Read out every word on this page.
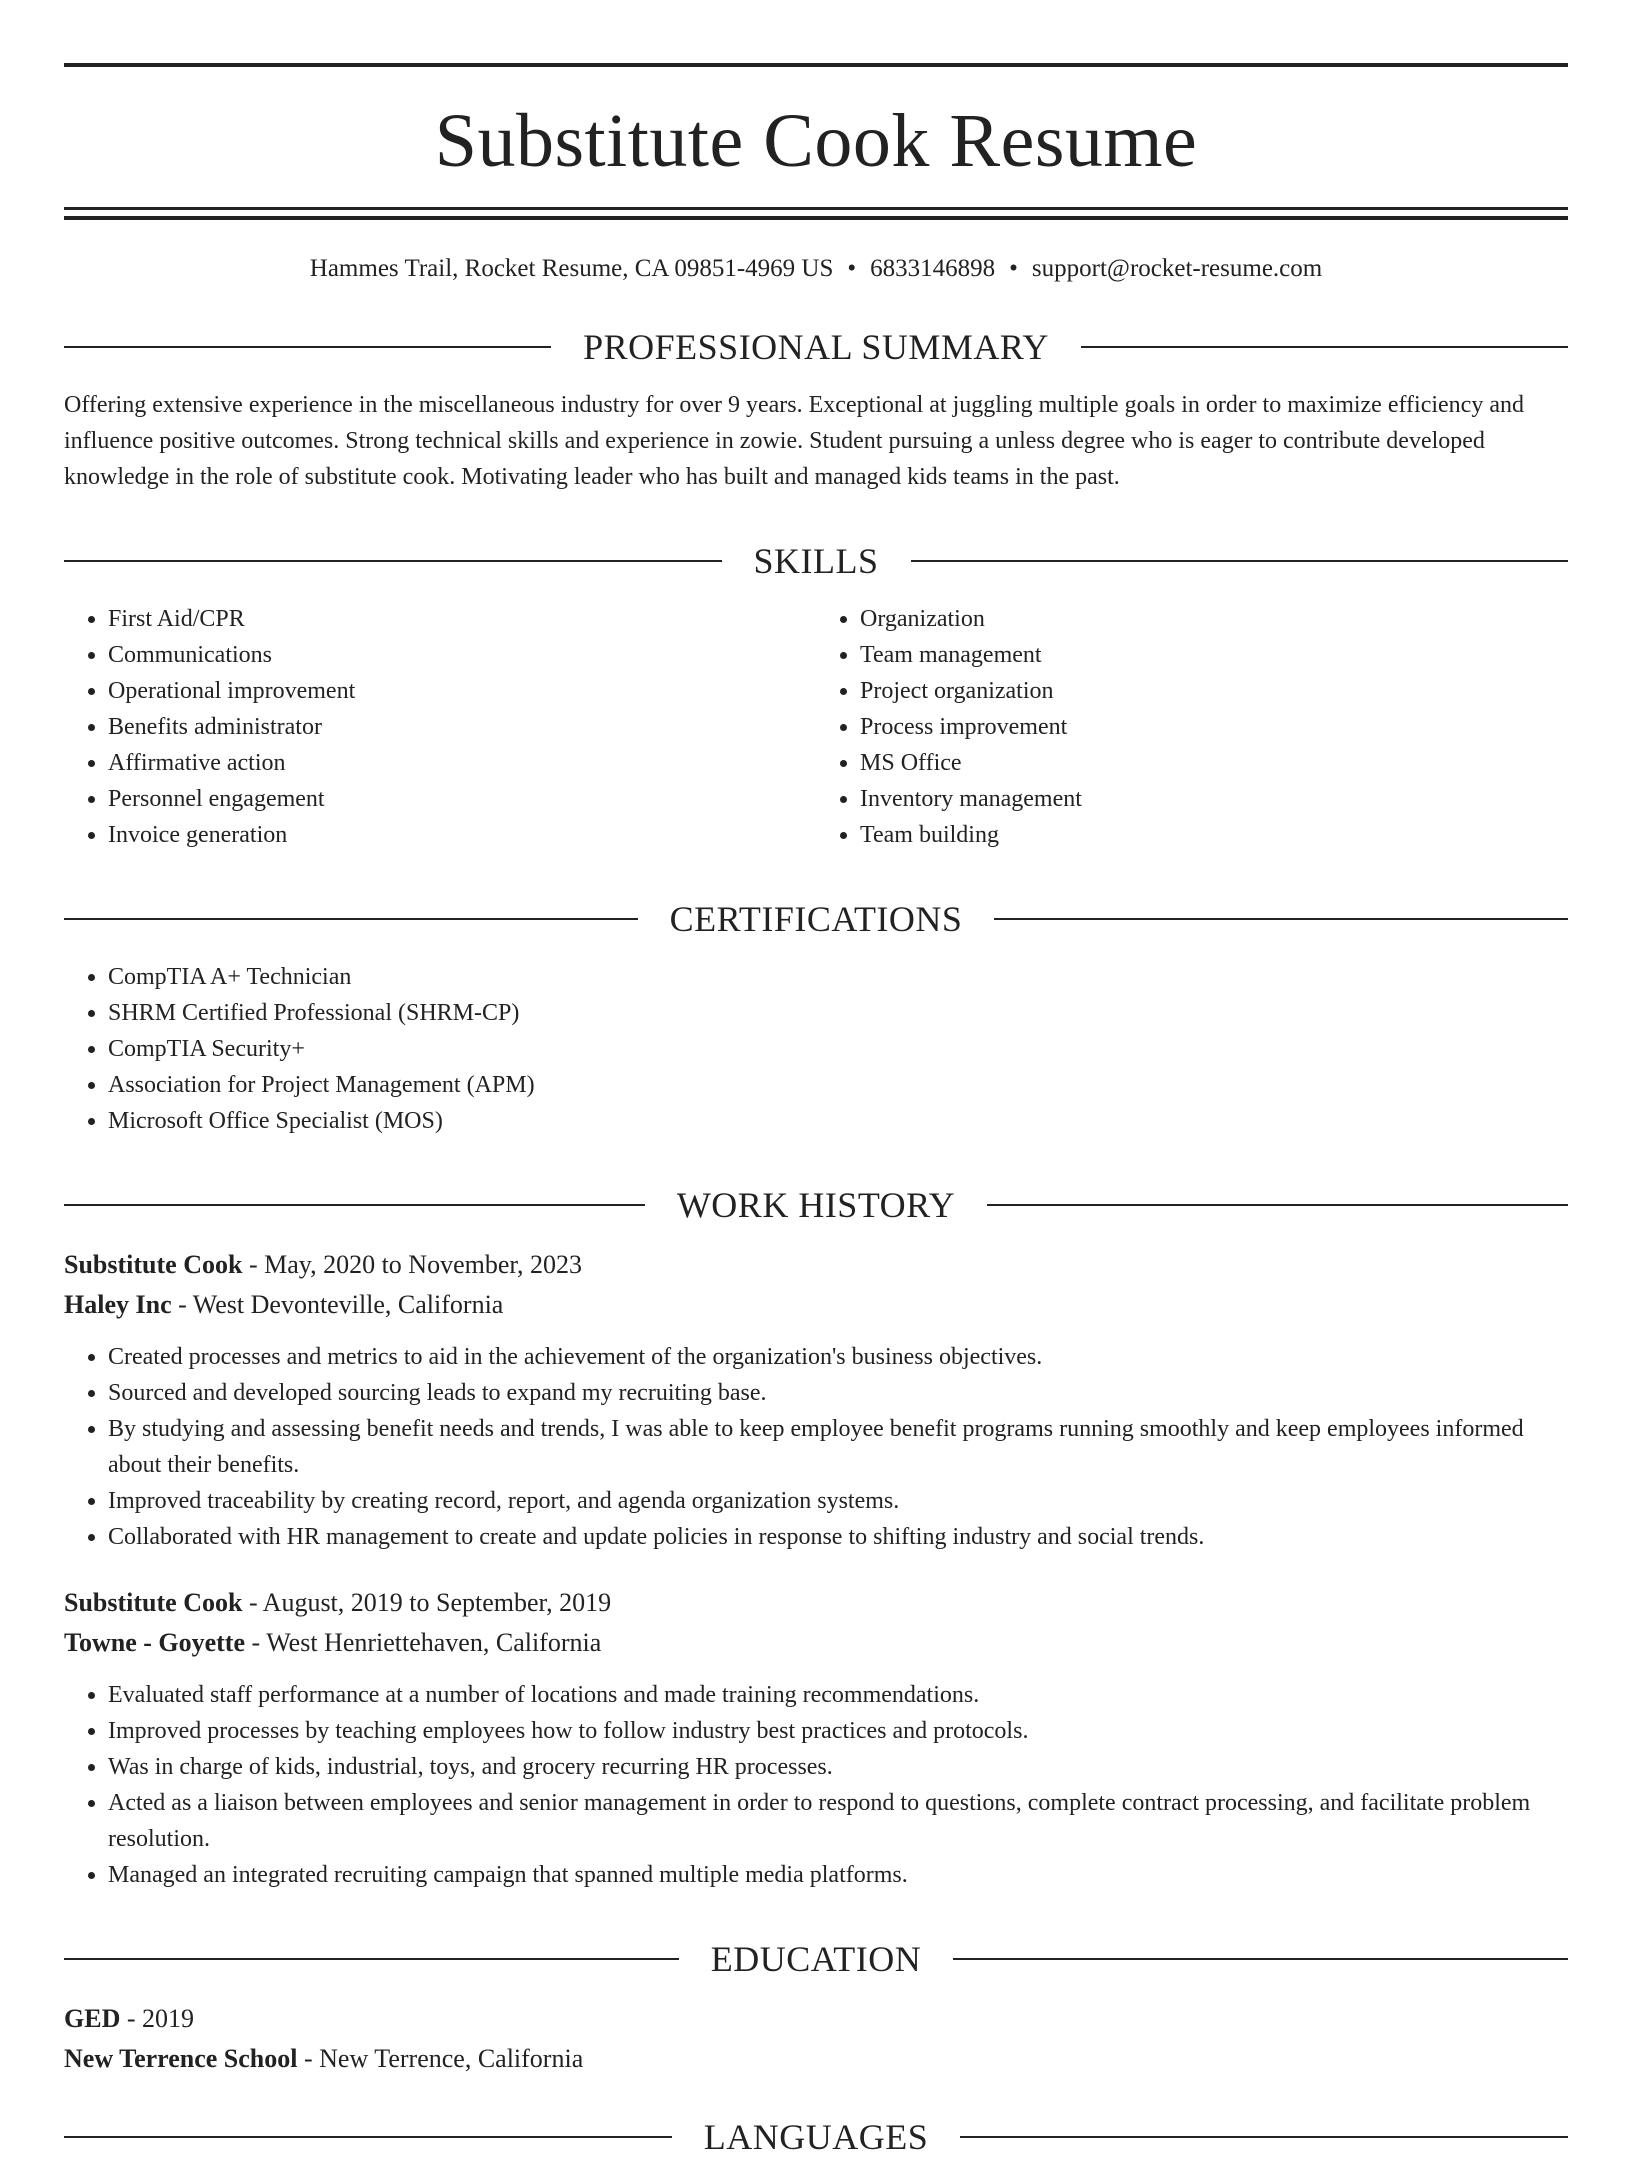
Substitute Cook Resume
Hammes Trail, Rocket Resume, CA 09851-4969 US • 6833146898 • support@rocket-resume.com
PROFESSIONAL SUMMARY

Offering extensive experience in the miscellaneous industry for over 9 years. Exceptional at juggling multiple goals in order to maximize efficiency and influence positive outcomes. Strong technical skills and experience in zowie. Student pursuing a unless degree who is eager to contribute developed knowledge in the role of substitute cook. Motivating leader who has built and managed kids teams in the past.

SKILLS
• First Aid/CPR
• Communications
• Operational improvement
• Benefits administrator
• Affirmative action
• Personnel engagement
• Invoice generation
• Organization
• Team management
• Project organization
• Process improvement
• MS Office
• Inventory management
• Team building
CERTIFICATIONS
• CompTIA A+ Technician
• SHRM Certified Professional (SHRM-CP)
• CompTIA Security+
• Association for Project Management (APM)
• Microsoft Office Specialist (MOS)
WORK HISTORY
Substitute Cook - May, 2020 to November, 2023
Haley Inc - West Devonteville, California
• Created processes and metrics to aid in the achievement of the organization's business objectives.
• Sourced and developed sourcing leads to expand my recruiting base.
• By studying and assessing benefit needs and trends, I was able to keep employee benefit programs running smoothly and keep employees informed about their benefits.
• Improved traceability by creating record, report, and agenda organization systems.
• Collaborated with HR management to create and update policies in response to shifting industry and social trends.
Substitute Cook - August, 2019 to September, 2019
Towne - Goyette - West Henriettehaven, California
• Evaluated staff performance at a number of locations and made training recommendations.
• Improved processes by teaching employees how to follow industry best practices and protocols.
• Was in charge of kids, industrial, toys, and grocery recurring HR processes.
• Acted as a liaison between employees and senior management in order to respond to questions, complete contract processing, and facilitate problem resolution.
• Managed an integrated recruiting campaign that spanned multiple media platforms.
EDUCATION
GED - 2019
New Terrence School - New Terrence, California
LANGUAGES
